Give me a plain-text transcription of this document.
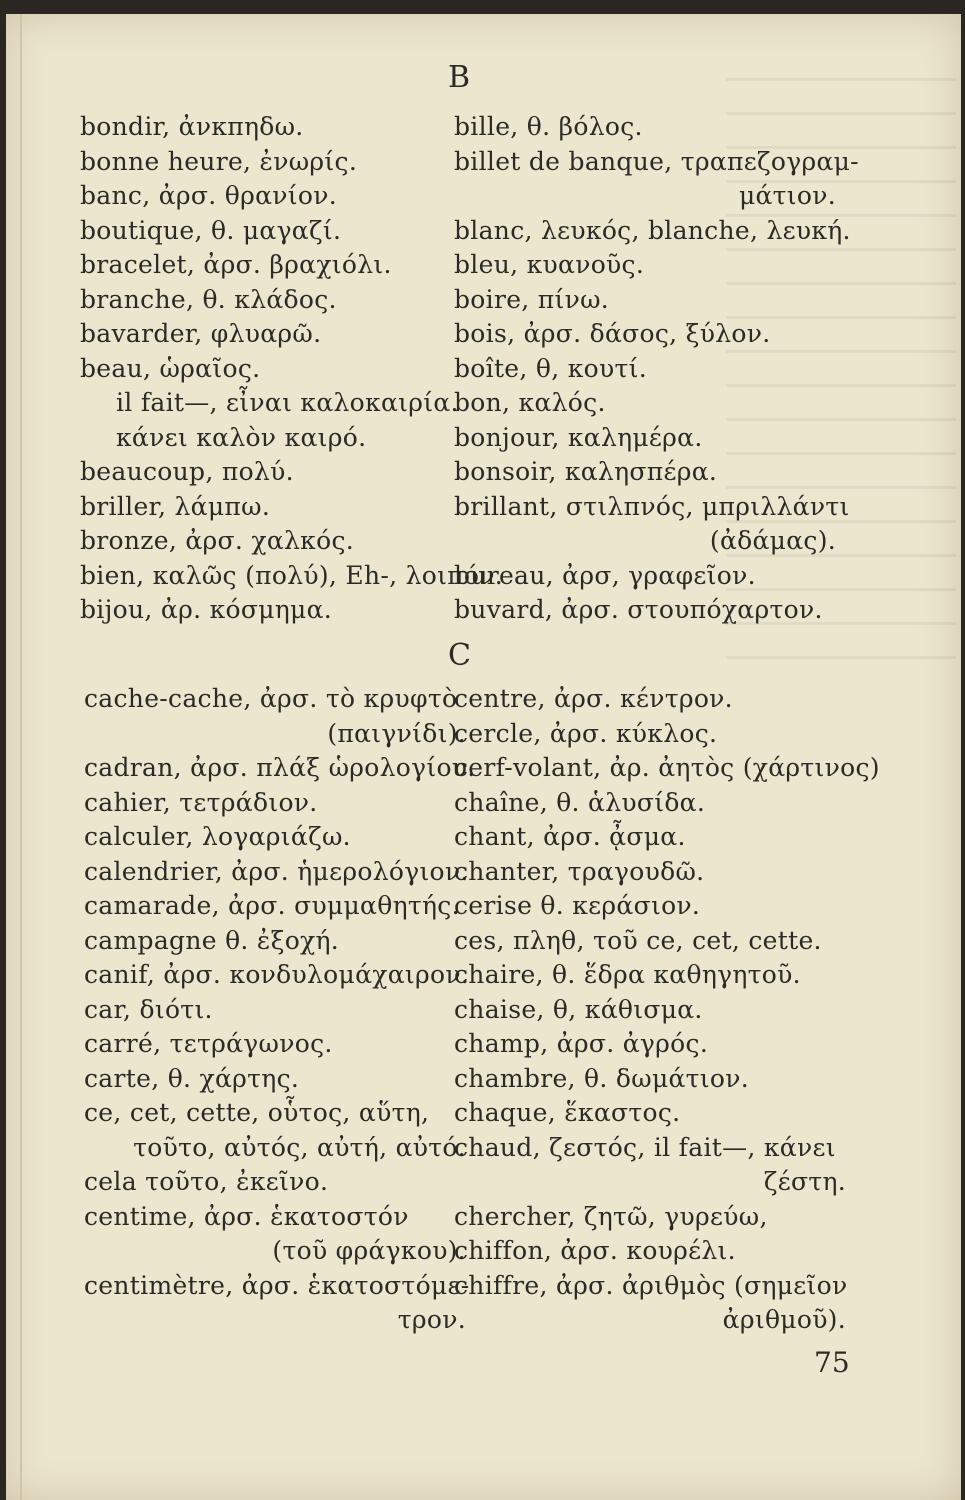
B
bondir, ἀνκπηδω.
bonne heure, ἐνωρίς.
banc, ἀρσ. θρανίον.
boutique, θ. μαγαζί.
bracelet, ἀρσ. βραχιόλι.
branche, θ. κλάδος.
bavarder, φλυαρῶ.
beau, ὡραῖος.
il fait—, εἶναι καλοκαιρία.
κάνει καλὸν καιρό.
beaucoup, πολύ.
briller, λάμπω.
bronze, ἀρσ. χαλκός.
bien, καλῶς (πολύ), Eh-, λοιπόν.
bijou, ἀρ. κόσμημα.
bille, θ. βόλος.
billet de banque, τραπεζογραμ-
μάτιον.
blanc, λευκός, blanche, λευκή.
bleu, κυανοῦς.
boire, πίνω.
bois, ἀρσ. δάσος, ξύλον.
boîte, θ, κουτί.
bon, καλός.
bonjour, καλημέρα.
bonsoir, καλησπέρα.
brillant, στιλπνός, μπριλλάντι
(ἀδάμας).
bureau, ἀρσ, γραφεῖον.
buvard, ἀρσ. στουπόχαρτον.
C
cache-cache, ἀρσ. τὸ κρυφτὸ
(παιγνίδι).
cadran, ἀρσ. πλάξ ὡρολογίου.
cahier, τετράδιον.
calculer, λογαριάζω.
calendrier, ἀρσ. ἡμερολόγιον.
camarade, ἀρσ. συμμαθητής.
campagne θ. ἐξοχή.
canif, ἀρσ. κονδυλομάχαιρον.
car, διότι.
carré, τετράγωνος.
carte, θ. χάρτης.
ce, cet, cette, οὗτος, αὕτη,
τοῦτο, αὐτός, αὐτή, αὐτό.
cela τοῦτο, ἐκεῖνο.
centime, ἀρσ. ἑκατοστόν
(τοῦ φράγκου).
centimètre, ἀρσ. ἑκατοστόμε-
τρον.
centre, ἀρσ. κέντρον.
cercle, ἀρσ. κύκλος.
cerf-volant, ἀρ. ἀητὸς (χάρτινος)
chaîne, θ. ἁλυσίδα.
chant, ἀρσ. ᾆσμα.
chanter, τραγουδῶ.
cerise θ. κεράσιον.
ces, πληθ, τοῦ ce, cet, cette.
chaire, θ. ἕδρα καθηγητοῦ.
chaise, θ, κάθισμα.
champ, ἀρσ. ἀγρός.
chambre, θ. δωμάτιον.
chaque, ἕκαστος.
chaud, ζεστός, il fait—, κάνει
ζέστη.
chercher, ζητῶ, γυρεύω,
chiffon, ἀρσ. κουρέλι.
chiffre, ἀρσ. ἀριθμὸς (σημεῖον
ἀριθμοῦ).
75
